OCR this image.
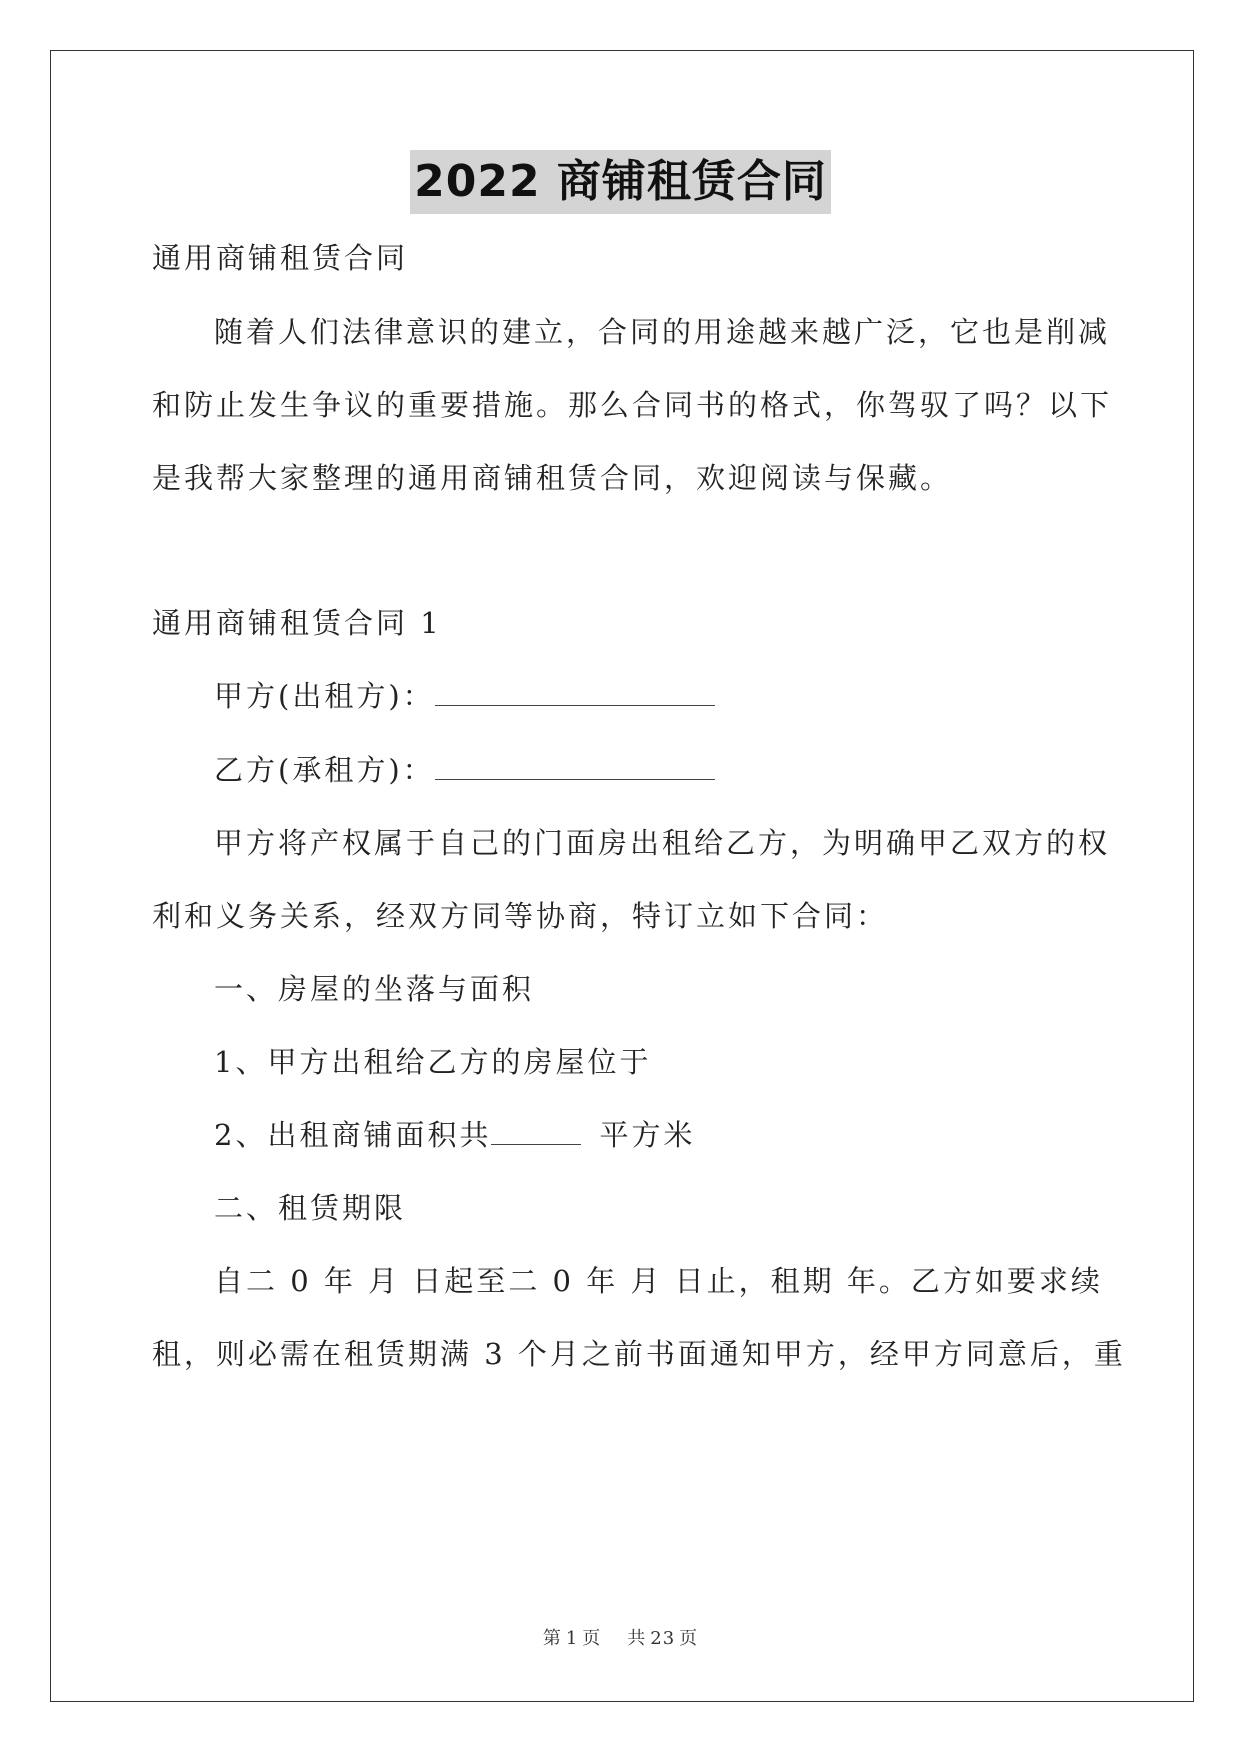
2022 商铺租赁合同
通用商铺租赁合同
随着人们法律意识的建立，合同的用途越来越广泛，它也是削减
和防止发生争议的重要措施。那么合同书的格式，你驾驭了吗？以下
是我帮大家整理的通用商铺租赁合同，欢迎阅读与保藏。
通用商铺租赁合同 1
甲方(出租方)：
乙方(承租方)：
甲方将产权属于自己的门面房出租给乙方，为明确甲乙双方的权
利和义务关系，经双方同等协商，特订立如下合同：
一、房屋的坐落与面积
1、甲方出租给乙方的房屋位于
2、出租商铺面积共	平方米
二、租赁期限
自二 0 年 月 日起至二 0 年 月 日止，租期 年。乙方如要求续
租，则必需在租赁期满 3 个月之前书面通知甲方，经甲方同意后，重
第 1 页 共 23 页
